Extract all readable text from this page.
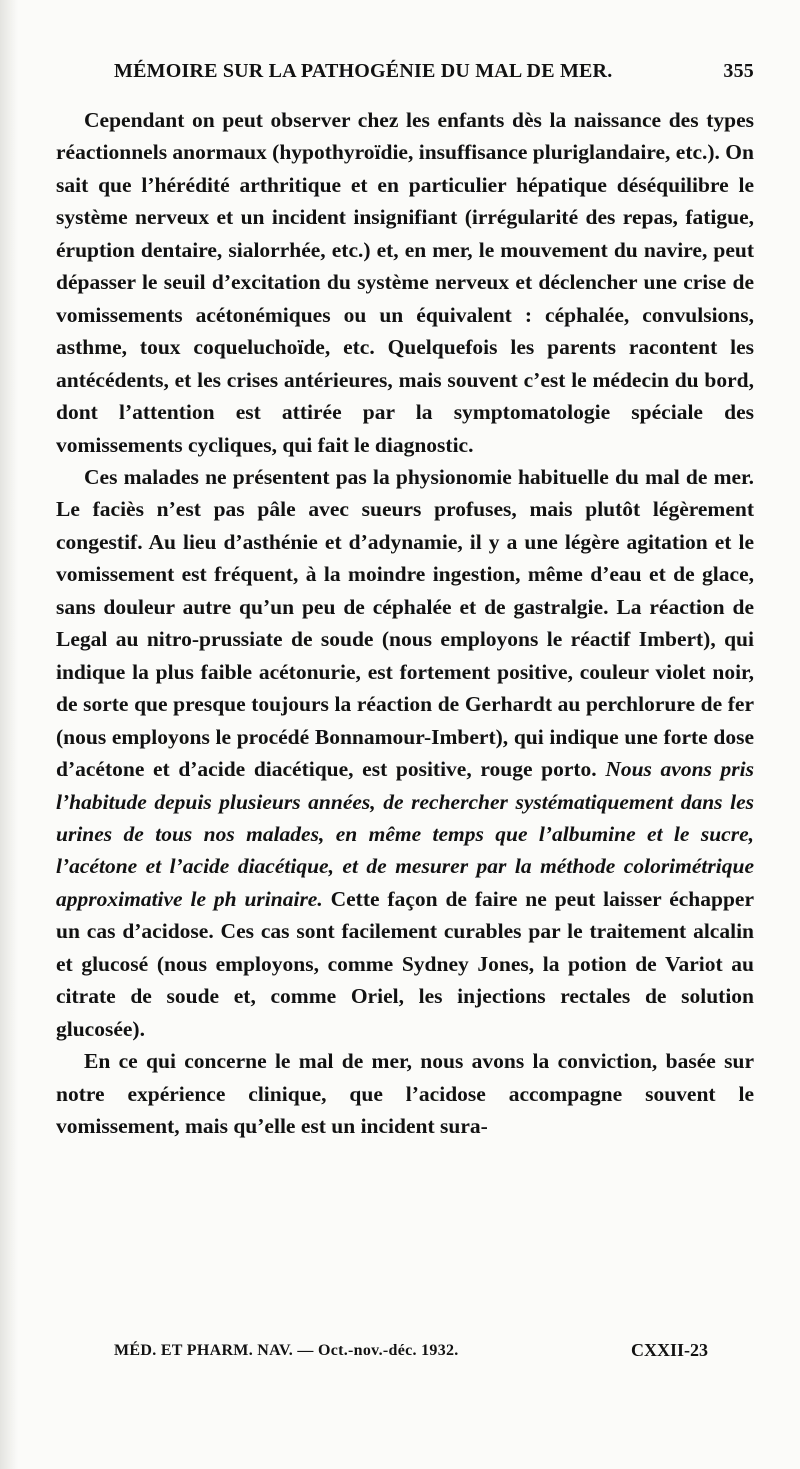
MÉMOIRE SUR LA PATHOGÉNIE DU MAL DE MER.	355

Cependant on peut observer chez les enfants dès la naissance des types réactionnels anormaux (hypothyroïdie, insuffisance pluriglandaire, etc.). On sait que l’hérédité arthritique et en particulier hépatique déséquilibre le système nerveux et un incident insignifiant (irrégularité des repas, fatigue, éruption dentaire, sialorrhée, etc.) et, en mer, le mouvement du navire, peut dépasser le seuil d’excitation du système nerveux et déclencher une crise de vomissements acétonémiques ou un équivalent : céphalée, convulsions, asthme, toux coqueluchoïde, etc. Quelquefois les parents racontent les antécédents, et les crises antérieures, mais souvent c’est le médecin du bord, dont l’attention est attirée par la symptomatologie spéciale des vomissements cycliques, qui fait le diagnostic.

Ces malades ne présentent pas la physionomie habituelle du mal de mer. Le faciès n’est pas pâle avec sueurs profuses, mais plutôt légèrement congestif. Au lieu d’asthénie et d’adynamie, il y a une légère agitation et le vomissement est fréquent, à la moindre ingestion, même d’eau et de glace, sans douleur autre qu’un peu de céphalée et de gastralgie. La réaction de Legal au nitro-prussiate de soude (nous employons le réactif Imbert), qui indique la plus faible acétonurie, est fortement positive, couleur violet noir, de sorte que presque toujours la réaction de Gerhardt au perchlorure de fer (nous employons le procédé Bonnamour-Imbert), qui indique une forte dose d’acétone et d’acide diacétique, est positive, rouge porto. Nous avons pris l’habitude depuis plusieurs années, de rechercher systématiquement dans les urines de tous nos malades, en même temps que l’albumine et le sucre, l’acétone et l’acide diacétique, et de mesurer par la méthode colorimétrique approximative le ph urinaire. Cette façon de faire ne peut laisser échapper un cas d’acidose. Ces cas sont facilement curables par le traitement alcalin et glucosé (nous employons, comme Sydney Jones, la potion de Variot au citrate de soude et, comme Oriel, les injections rectales de solution glucosée).

En ce qui concerne le mal de mer, nous avons la conviction, basée sur notre expérience clinique, que l’acidose accompagne souvent le vomissement, mais qu’elle est un incident sura-

MÉD. ET PHARM. NAV. — Oct.-nov.-déc. 1932.	CXXII-23
